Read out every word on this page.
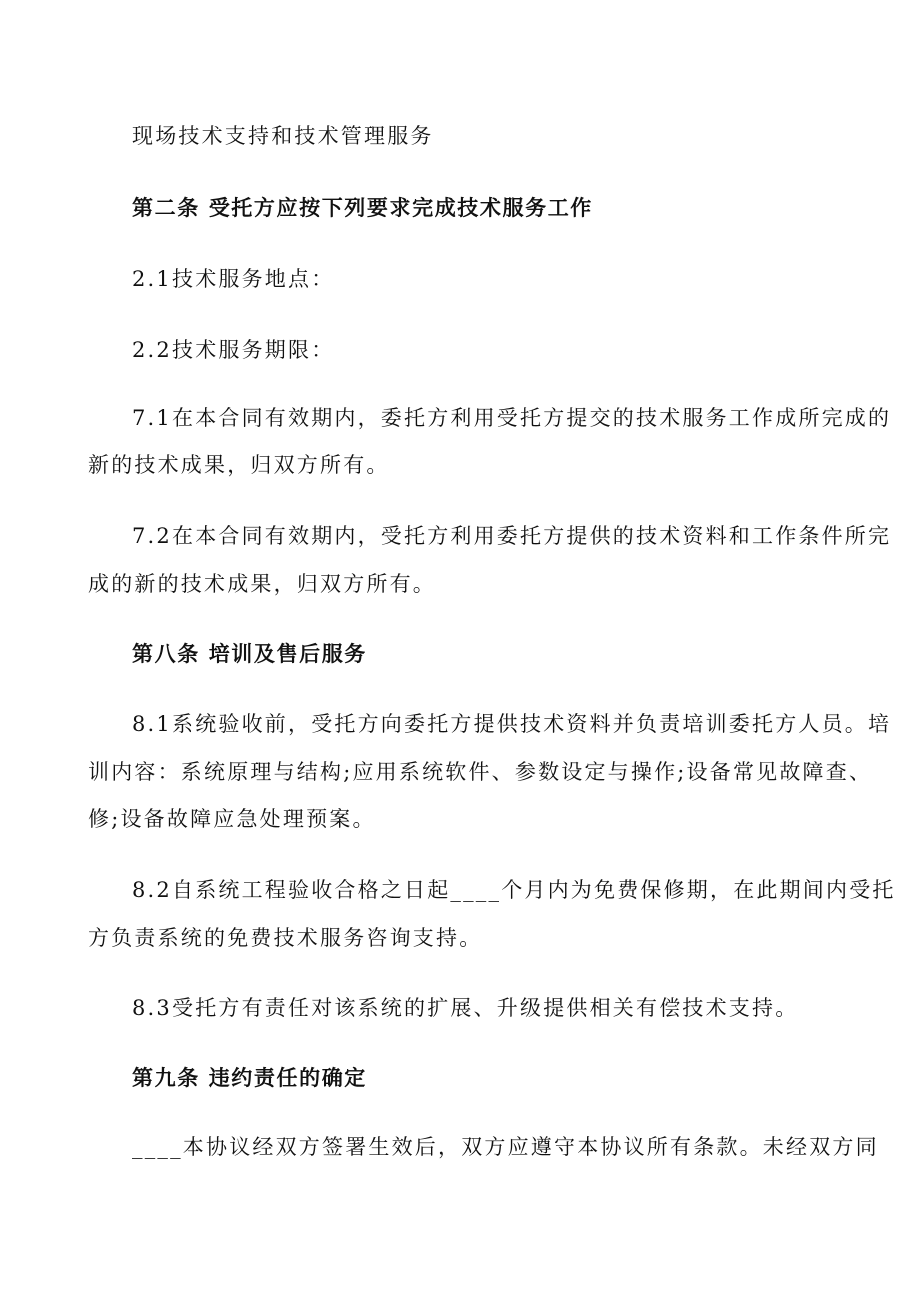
现场技术支持和技术管理服务
第二条 受托方应按下列要求完成技术服务工作
2.1技术服务地点：
2.2技术服务期限：
7.1在本合同有效期内，委托方利用受托方提交的技术服务工作成所完成的
新的技术成果，归双方所有。
7.2在本合同有效期内，受托方利用委托方提供的技术资料和工作条件所完
成的新的技术成果，归双方所有。
第八条 培训及售后服务
8.1系统验收前，受托方向委托方提供技术资料并负责培训委托方人员。培
训内容：系统原理与结构;应用系统软件、参数设定与操作;设备常见故障查、
修;设备故障应急处理预案。
8.2自系统工程验收合格之日起____个月内为免费保修期，在此期间内受托
方负责系统的免费技术服务咨询支持。
8.3受托方有责任对该系统的扩展、升级提供相关有偿技术支持。
第九条 违约责任的确定
____本协议经双方签署生效后，双方应遵守本协议所有条款。未经双方同
